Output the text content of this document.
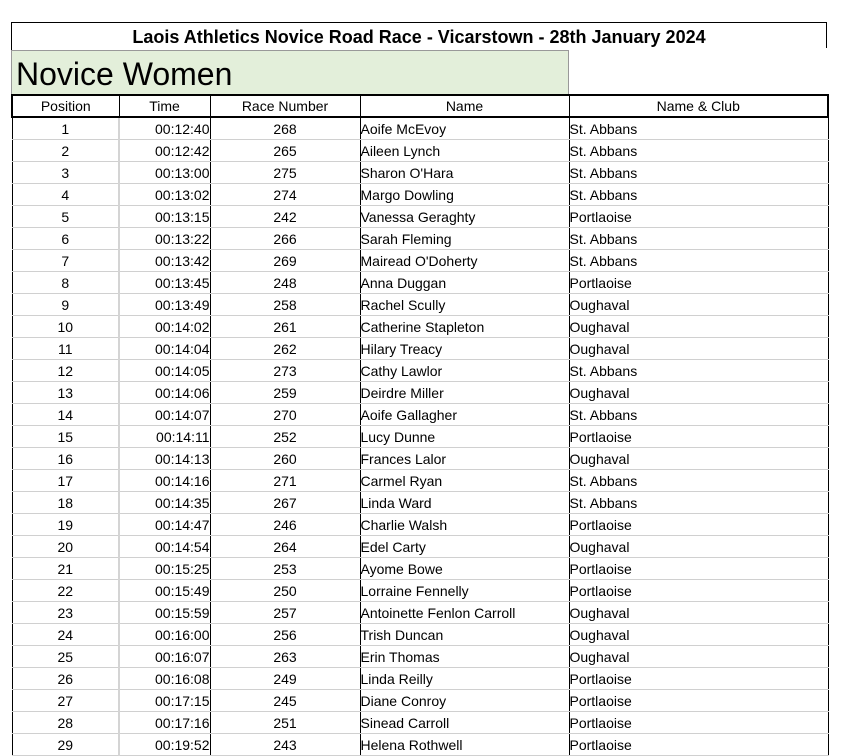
Laois Athletics Novice Road Race - Vicarstown - 28th January 2024
Novice Women
Position	Time	Race Number	Name	Name & Club
1	00:12:40	268	Aoife McEvoy	St. Abbans
2	00:12:42	265	Aileen Lynch	St. Abbans
3	00:13:00	275	Sharon O'Hara	St. Abbans
4	00:13:02	274	Margo Dowling	St. Abbans
5	00:13:15	242	Vanessa Geraghty	Portlaoise
6	00:13:22	266	Sarah Fleming	St. Abbans
7	00:13:42	269	Mairead O'Doherty	St. Abbans
8	00:13:45	248	Anna Duggan	Portlaoise
9	00:13:49	258	Rachel Scully	Oughaval
10	00:14:02	261	Catherine Stapleton	Oughaval
11	00:14:04	262	Hilary Treacy	Oughaval
12	00:14:05	273	Cathy Lawlor	St. Abbans
13	00:14:06	259	Deirdre Miller	Oughaval
14	00:14:07	270	Aoife Gallagher	St. Abbans
15	00:14:11	252	Lucy Dunne	Portlaoise
16	00:14:13	260	Frances Lalor	Oughaval
17	00:14:16	271	Carmel Ryan	St. Abbans
18	00:14:35	267	Linda Ward	St. Abbans
19	00:14:47	246	Charlie Walsh	Portlaoise
20	00:14:54	264	Edel Carty	Oughaval
21	00:15:25	253	Ayome Bowe	Portlaoise
22	00:15:49	250	Lorraine Fennelly	Portlaoise
23	00:15:59	257	Antoinette Fenlon Carroll	Oughaval
24	00:16:00	256	Trish Duncan	Oughaval
25	00:16:07	263	Erin Thomas	Oughaval
26	00:16:08	249	Linda Reilly	Portlaoise
27	00:17:15	245	Diane Conroy	Portlaoise
28	00:17:16	251	Sinead Carroll	Portlaoise
29	00:19:52	243	Helena Rothwell	Portlaoise
